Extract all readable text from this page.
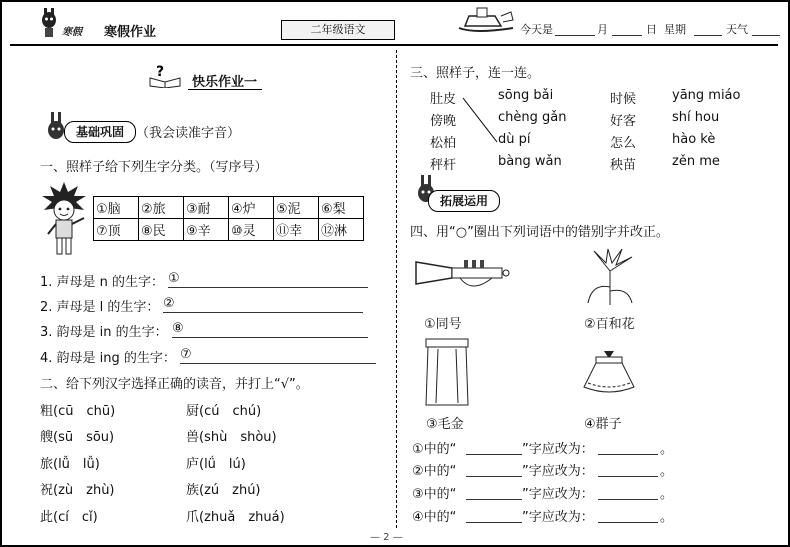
寒假 寒假作业	二年级语文	今天是	月	日 星期	天气
?
快乐作业一
基础巩固 （我会读准字音）
一、照样子给下列生字分类。（写序号）
①脑	②旅	③耐	④炉	⑤泥	⑥梨
⑦顶	⑧民	⑨辛	⑩灵	⑪幸	⑫淋
1. 声母是 n 的生字： ①
2. 声母是 l 的生字： ②
3. 韵母是 in 的生字： ⑧
4. 韵母是 ing 的生字： ⑦
二、给下列汉字选择正确的读音，并打上“√”。
粗(cū　chū)	厨(cú　chú)
艘(sū　sōu)	兽(shù　shòu)
旅(lǚ　lǚ)	庐(lǘ　lú)
祝(zù　zhù)	族(zú　zhú)
此(cí　cǐ)	爪(zhuǎ　zhuá)
三、照样子，连一连。
肚皮	sōng bǎi
傍晚	chèng gǎn
松柏	dù pí
秤杆	bàng wǎn
时候	yāng miáo
好客	shí hou
怎么	hào kè
秧苗	zěn me
拓展运用
四、用“○”圈出下列词语中的错别字并改正。
①同号	②百和花
③毛金	④群子
①中的“	”字应改为：	。
②中的“	”字应改为：	。
③中的“	”字应改为：	。
④中的“	”字应改为：	。
— 2 —
